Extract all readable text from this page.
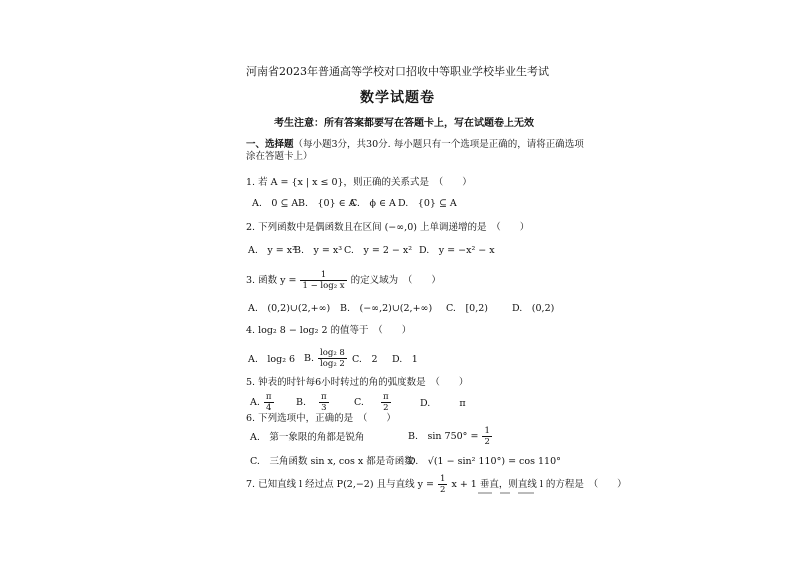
河南省2023年普通高等学校对口招收中等职业学校毕业生考试
数学试题卷
考生注意：所有答案都要写在答题卡上，写在试题卷上无效
一、选择题（每小题3分，共30分. 每小题只有一个选项是正确的，请将正确选项
涂在答题卡上）
1. 若 A = {x | x ≤ 0}，则正确的关系式是　（　　）
A.　0 ⊆ A B.　{0} ∈ A
C.　ϕ ∈ A D.　{0} ⊆ A
2. 下列函数中是偶函数且在区间 (−∞,0) 上单调递增的是　（　　）
A.　y = x²
B.　y = x³ C.　y = 2 − x² D.　y = −x² − x
3. 函数 $y = \frac{1}{\text{1 − log₂ x}}$ 的定义域为　（　　）
A.　(0,2)∪(2,+∞) B.　(−∞,2)∪(2,+∞) C.　[0,2)	D.　(0,2)
4. log₂ 8 − log₂ 2 的值等于　（　　）
A.　log₂ 6 B. $\frac{\text{log₂ 8}}{\text{log₂ 2}} C$.　2 D.　1
5. 钟表的时针每6小时转过的角的弧度数是　（　　）
A. $\frac{\pi}{4} B$. $\frac{\pi}{3}$	C. $\frac{\pi}{2}$	D.	π
6. 下列选项中，正确的是　（　　）
A.　第一象限的角都是锐角	B.　$\sin 750^\circ = \frac{1}{2}$
C.　三角函数 sin x, cos x 都是奇函数
D.　√(1 − sin² 110°) = cos 110°
7. 已知直线 l 经过点 P(2,−2) 且与直线 $y = \frac{1}{2}$ x + 1 垂直，则直线 l 的方程是　（　　）
